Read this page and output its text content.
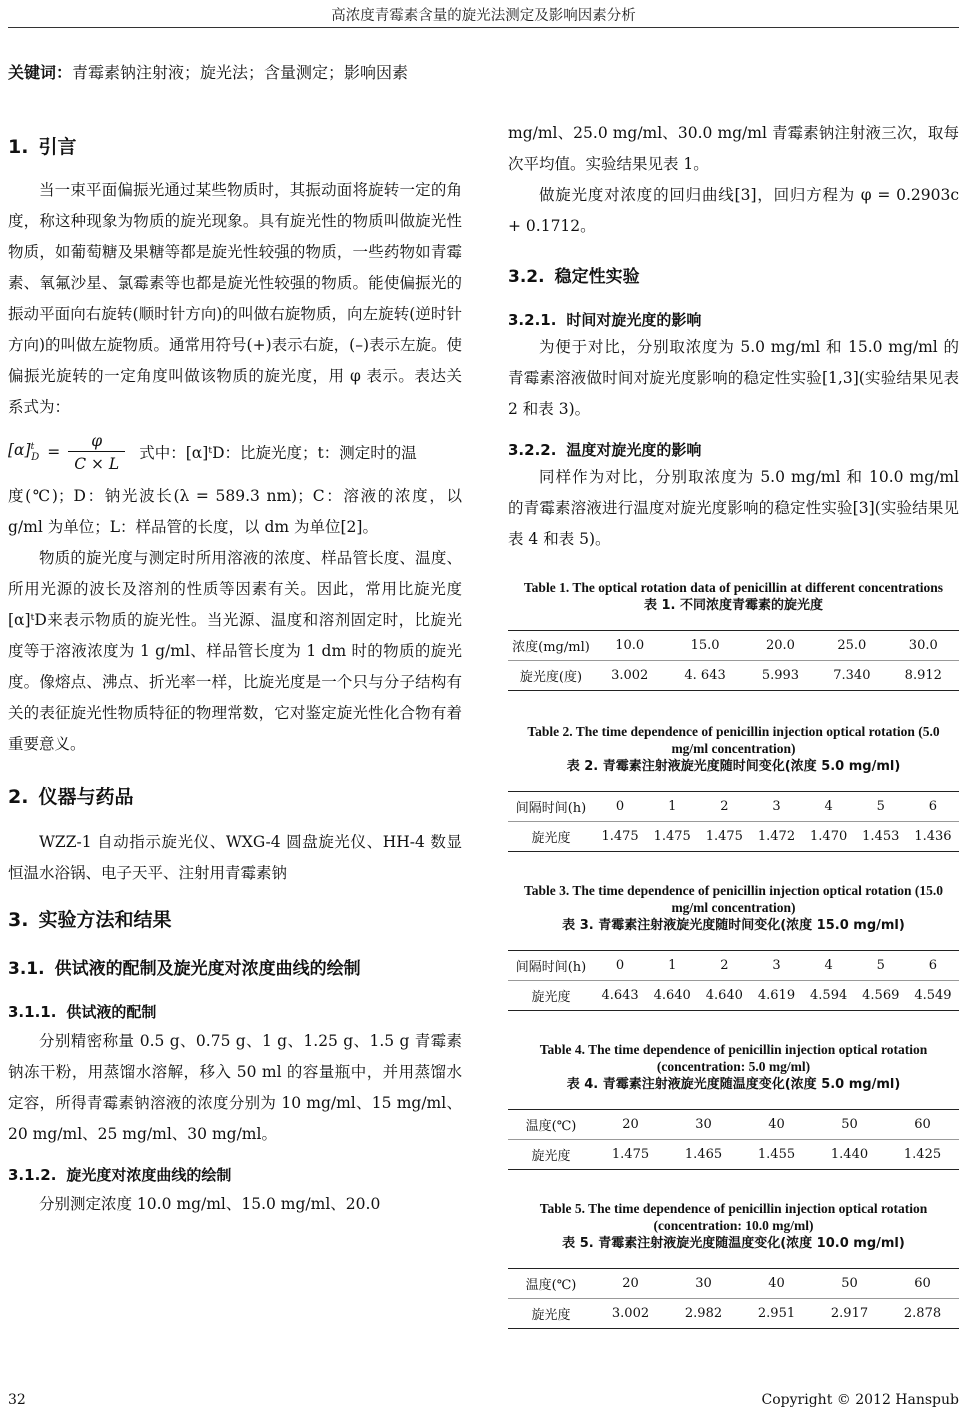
高浓度青霉素含量的旋光法测定及影响因素分析
关键词：青霉素钠注射液；旋光法；含量测定；影响因素
1. 引言

当一束平面偏振光通过某些物质时，其振动面将旋转一定的角度，称这种现象为物质的旋光现象。具有旋光性的物质叫做旋光性物质，如葡萄糖及果糖等都是旋光性较强的物质，一些药物如青霉素、氧氟沙星、氯霉素等也都是旋光性较强的物质。能使偏振光的振动平面向右旋转(顺时针方向)的叫做右旋物质，向左旋转(逆时针方向)的叫做左旋物质。通常用符号(+)表示右旋，(–)表示左旋。使偏振光旋转的一定角度叫做该物质的旋光度，用 φ 表示。表达关系式为：

$[\alpha]^t_D = \frac{\varphi}{C \times L}$ 式中：[α]ᵗD：比旋光度；t：测定时的温

度(℃)；D：钠光波长(λ = 589.3 nm)；C：溶液的浓度，以 g/ml 为单位；L：样品管的长度，以 dm 为单位[2]。

物质的旋光度与测定时所用溶液的浓度、样品管长度、温度、所用光源的波长及溶剂的性质等因素有关。因此，常用比旋光度[α]ᵗD来表示物质的旋光性。当光源、温度和溶剂固定时，比旋光度等于溶液浓度为 1 g/ml、样品管长度为 1 dm 时的物质的旋光度。像熔点、沸点、折光率一样，比旋光度是一个只与分子结构有关的表征旋光性物质特征的物理常数，它对鉴定旋光性化合物有着重要意义。

2. 仪器与药品

WZZ-1 自动指示旋光仪、WXG-4 圆盘旋光仪、HH-4 数显恒温水浴锅、电子天平、注射用青霉素钠

3. 实验方法和结果
3.1. 供试液的配制及旋光度对浓度曲线的绘制
3.1.1. 供试液的配制

分别精密称量 0.5 g、0.75 g、1 g、1.25 g、1.5 g 青霉素钠冻干粉，用蒸馏水溶解，移入 50 ml 的容量瓶中，并用蒸馏水定容，所得青霉素钠溶液的浓度分别为 10 mg/ml、15 mg/ml、20 mg/ml、25 mg/ml、30 mg/ml。

3.1.2. 旋光度对浓度曲线的绘制

分别测定浓度 10.0 mg/ml、15.0 mg/ml、20.0

mg/ml、25.0 mg/ml、30.0 mg/ml 青霉素钠注射液三次，取每次平均值。实验结果见表 1。

做旋光度对浓度的回归曲线[3]，回归方程为 φ = 0.2903c + 0.1712。

3.2. 稳定性实验
3.2.1. 时间对旋光度的影响

为便于对比，分别取浓度为 5.0 mg/ml 和 15.0 mg/ml 的青霉素溶液做时间对旋光度影响的稳定性实验[1,3](实验结果见表 2 和表 3)。

3.2.2. 温度对旋光度的影响

同样作为对比，分别取浓度为 5.0 mg/ml 和 10.0 mg/ml 的青霉素溶液进行温度对旋光度影响的稳定性实验[3](实验结果见表 4 和表 5)。

Table 1. The optical rotation data of penicillin at different concentrations

表 1. 不同浓度青霉素的旋光度

浓度(mg/ml)	10.0	15.0	20.0	25.0	30.0
旋光度(度)	3.002	4. 643	5.993	7.340	8.912

Table 2. The time dependence of penicillin injection optical rotation (5.0 mg/ml concentration)

表 2. 青霉素注射液旋光度随时间变化(浓度 5.0 mg/ml)

间隔时间(h)	0	1	2	3	4	5	6
旋光度	1.475	1.475	1.475	1.472	1.470	1.453	1.436

Table 3. The time dependence of penicillin injection optical rotation (15.0 mg/ml concentration)

表 3. 青霉素注射液旋光度随时间变化(浓度 15.0 mg/ml)

间隔时间(h)	0	1	2	3	4	5	6
旋光度	4.643	4.640	4.640	4.619	4.594	4.569	4.549

Table 4. The time dependence of penicillin injection optical rotation (concentration: 5.0 mg/ml)

表 4. 青霉素注射液旋光度随温度变化(浓度 5.0 mg/ml)

温度(℃)	20	30	40	50	60
旋光度	1.475	1.465	1.455	1.440	1.425

Table 5. The time dependence of penicillin injection optical rotation (concentration: 10.0 mg/ml)

表 5. 青霉素注射液旋光度随温度变化(浓度 10.0 mg/ml)

温度(℃)	20	30	40	50	60
旋光度	3.002	2.982	2.951	2.917	2.878
32	Copyright © 2012 Hanspub
